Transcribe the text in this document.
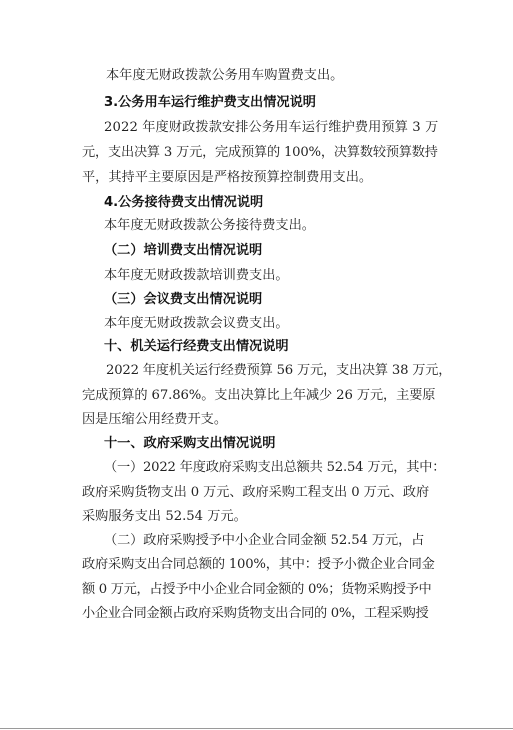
本年度无财政拨款公务用车购置费支出。
3.公务用车运行维护费支出情况说明
2022 年度财政拨款安排公务用车运行维护费用预算 3 万
元，支出决算 3 万元，完成预算的 100%，决算数较预算数持
平，其持平主要原因是严格按预算控制费用支出。
4.公务接待费支出情况说明
本年度无财政拨款公务接待费支出。
（二）培训费支出情况说明
本年度无财政拨款培训费支出。
（三）会议费支出情况说明
本年度无财政拨款会议费支出。
十、机关运行经费支出情况说明
2022 年度机关运行经费预算 56 万元，支出决算 38 万元，
完成预算的 67.86%。支出决算比上年减少 26 万元，主要原
因是压缩公用经费开支。
十一、政府采购支出情况说明
（一）2022 年度政府采购支出总额共 52.54 万元，其中：
政府采购货物支出 0 万元、政府采购工程支出 0 万元、政府
采购服务支出 52.54 万元。
（二）政府采购授予中小企业合同金额 52.54 万元，占
政府采购支出合同总额的 100%，其中：授予小微企业合同金
额 0 万元，占授予中小企业合同金额的 0%；货物采购授予中
小企业合同金额占政府采购货物支出合同的 0%，工程采购授
